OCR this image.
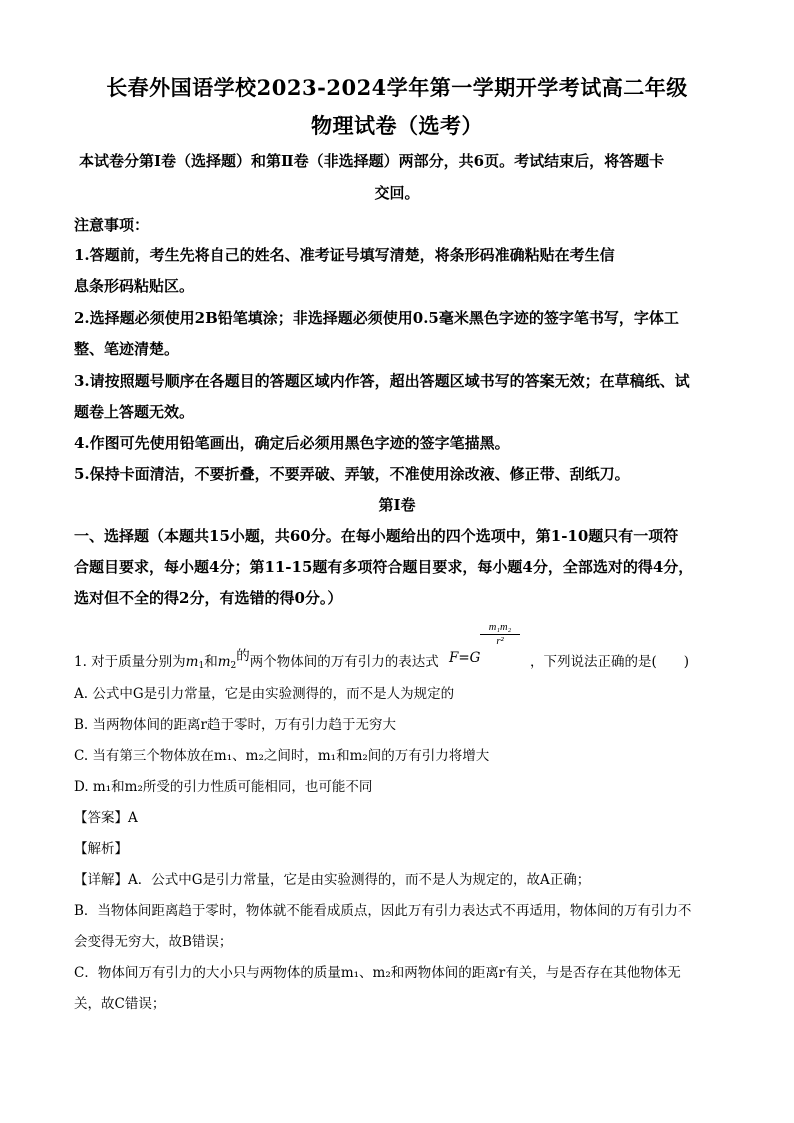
长春外国语学校2023-2024学年第一学期开学考试高二年级
物理试卷（选考）
本试卷分第Ⅰ卷（选择题）和第Ⅱ卷（非选择题）两部分，共6页。考试结束后，将答题卡
交回。
注意事项：
1.答题前，考生先将自己的姓名、准考证号填写清楚，将条形码准确粘贴在考生信
息条形码粘贴区。
2.选择题必须使用2B铅笔填涂；非选择题必须使用0.5毫米黑色字迹的签字笔书写，字体工
整、笔迹清楚。
3.请按照题号顺序在各题目的答题区域内作答，超出答题区域书写的答案无效；在草稿纸、试
题卷上答题无效。
4.作图可先使用铅笔画出，确定后必须用黑色字迹的签字笔描黑。
5.保持卡面清洁，不要折叠，不要弄破、弄皱，不准使用涂改液、修正带、刮纸刀。
第Ⅰ卷
一、选择题（本题共15小题，共60分。在每小题给出的四个选项中，第1-10题只有一项符
合题目要求，每小题4分；第11-15题有多项符合题目要求，每小题4分，全部选对的得4分，
选对但不全的得2分，有选错的得0分。）
1. 对于质量分别为$m_1$和$m_2$的两个物体间的万有引力的表达式 F=G
$\frac{\text{m₁m₂}}{\text{r²}}$
，下列说法正确的是(　　)
A. 公式中G是引力常量，它是由实验测得的，而不是人为规定的
B. 当两物体间的距离r趋于零时，万有引力趋于无穷大
C. 当有第三个物体放在m₁、m₂之间时，m₁和m₂间的万有引力将增大
D. m₁和m₂所受的引力性质可能相同，也可能不同
【答案】A
【解析】
【详解】A．公式中G是引力常量，它是由实验测得的，而不是人为规定的，故A正确；
B．当物体间距离趋于零时，物体就不能看成质点，因此万有引力表达式不再适用，物体间的万有引力不
会变得无穷大，故B错误；
C．物体间万有引力的大小只与两物体的质量m₁、m₂和两物体间的距离r有关，与是否存在其他物体无
关，故C错误；
